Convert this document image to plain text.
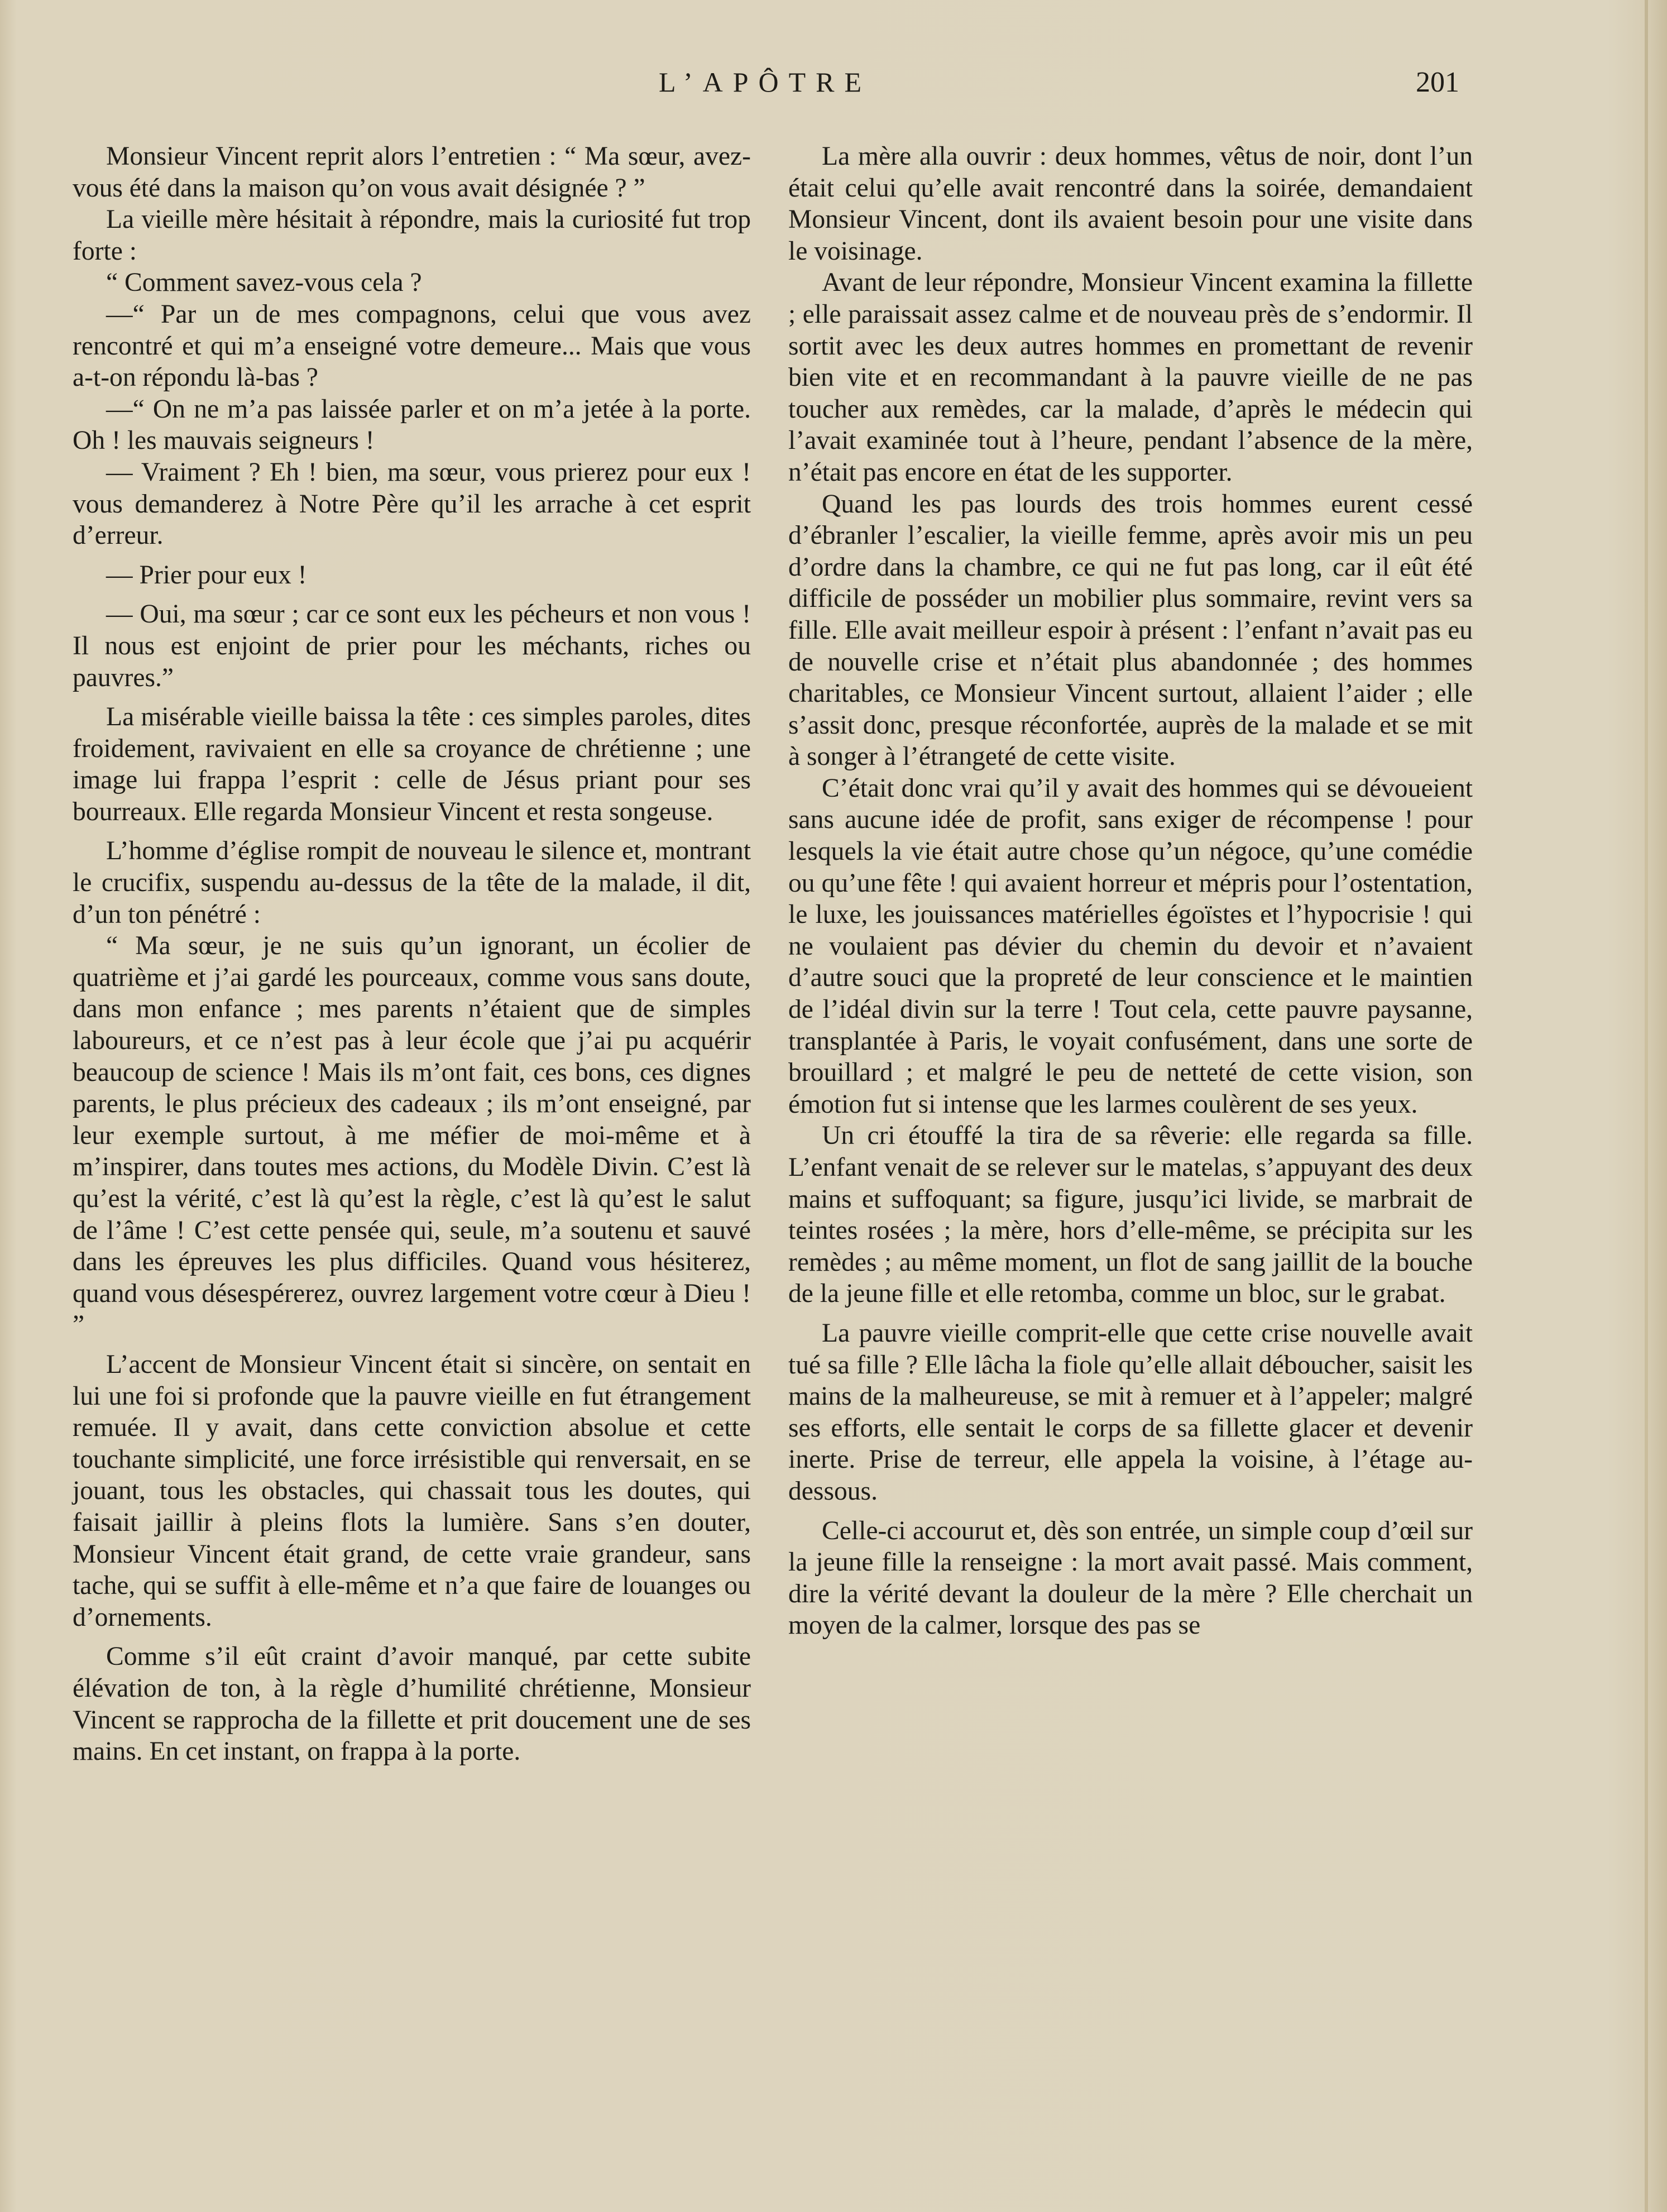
L’APÔTRE	201

Monsieur Vincent reprit alors l’entretien : “ Ma sœur, avez-vous été dans la maison qu’on vous avait désignée ? ”

La vieille mère hésitait à répondre, mais la curiosité fut trop forte :

“ Comment savez-vous cela ?

—“ Par un de mes compagnons, celui que vous avez rencontré et qui m’a enseigné votre demeure... Mais que vous a-t-on répondu là-bas ?

—“ On ne m’a pas laissée parler et on m’a jetée à la porte. Oh ! les mauvais seigneurs !

— Vraiment ? Eh ! bien, ma sœur, vous prierez pour eux ! vous demanderez à Notre Père qu’il les arrache à cet esprit d’erreur.

— Prier pour eux !

— Oui, ma sœur ; car ce sont eux les pécheurs et non vous ! Il nous est enjoint de prier pour les méchants, riches ou pauvres.”

La misérable vieille baissa la tête : ces simples paroles, dites froidement, ravivaient en elle sa croyance de chrétienne ; une image lui frappa l’esprit : celle de Jésus priant pour ses bourreaux. Elle regarda Monsieur Vincent et resta songeuse.

L’homme d’église rompit de nouveau le silence et, montrant le crucifix, suspendu au-dessus de la tête de la malade, il dit, d’un ton pénétré :

“ Ma sœur, je ne suis qu’un ignorant, un écolier de quatrième et j’ai gardé les pourceaux, comme vous sans doute, dans mon enfance ; mes parents n’étaient que de simples laboureurs, et ce n’est pas à leur école que j’ai pu acquérir beaucoup de science ! Mais ils m’ont fait, ces bons, ces dignes parents, le plus précieux des cadeaux ; ils m’ont enseigné, par leur exemple surtout, à me méfier de moi-même et à m’inspirer, dans toutes mes actions, du Modèle Divin. C’est là qu’est la vérité, c’est là qu’est la règle, c’est là qu’est le salut de l’âme ! C’est cette pensée qui, seule, m’a soutenu et sauvé dans les épreuves les plus difficiles. Quand vous hésiterez, quand vous désespérerez, ouvrez largement votre cœur à Dieu ! ”

L’accent de Monsieur Vincent était si sincère, on sentait en lui une foi si profonde que la pauvre vieille en fut étrangement remuée. Il y avait, dans cette conviction absolue et cette touchante simplicité, une force irrésistible qui renversait, en se jouant, tous les obstacles, qui chassait tous les doutes, qui faisait jaillir à pleins flots la lumière. Sans s’en douter, Monsieur Vincent était grand, de cette vraie grandeur, sans tache, qui se suffit à elle-même et n’a que faire de louanges ou d’ornements.

Comme s’il eût craint d’avoir manqué, par cette subite élévation de ton, à la règle d’humilité chrétienne, Monsieur Vincent se rapprocha de la fillette et prit doucement une de ses mains. En cet instant, on frappa à la porte.

La mère alla ouvrir : deux hommes, vêtus de noir, dont l’un était celui qu’elle avait rencontré dans la soirée, demandaient Monsieur Vincent, dont ils avaient besoin pour une visite dans le voisinage.

Avant de leur répondre, Monsieur Vincent examina la fillette ; elle paraissait assez calme et de nouveau près de s’endormir. Il sortit avec les deux autres hommes en promettant de revenir bien vite et en recommandant à la pauvre vieille de ne pas toucher aux remèdes, car la malade, d’après le médecin qui l’avait examinée tout à l’heure, pendant l’absence de la mère, n’était pas encore en état de les supporter.

Quand les pas lourds des trois hommes eurent cessé d’ébranler l’escalier, la vieille femme, après avoir mis un peu d’ordre dans la chambre, ce qui ne fut pas long, car il eût été difficile de posséder un mobilier plus sommaire, revint vers sa fille. Elle avait meilleur espoir à présent : l’enfant n’avait pas eu de nouvelle crise et n’était plus abandonnée ; des hommes charitables, ce Monsieur Vincent surtout, allaient l’aider ; elle s’assit donc, presque réconfortée, auprès de la malade et se mit à songer à l’étrangeté de cette visite.

C’était donc vrai qu’il y avait des hommes qui se dévoueient sans aucune idée de profit, sans exiger de récompense ! pour lesquels la vie était autre chose qu’un négoce, qu’une comédie ou qu’une fête ! qui avaient horreur et mépris pour l’ostentation, le luxe, les jouissances matérielles égoïstes et l’hypocrisie ! qui ne voulaient pas dévier du chemin du devoir et n’avaient d’autre souci que la propreté de leur conscience et le maintien de l’idéal divin sur la terre ! Tout cela, cette pauvre paysanne, transplantée à Paris, le voyait confusément, dans une sorte de brouillard ; et malgré le peu de netteté de cette vision, son émotion fut si intense que les larmes coulèrent de ses yeux.

Un cri étouffé la tira de sa rêverie: elle regarda sa fille. L’enfant venait de se relever sur le matelas, s’appuyant des deux mains et suffoquant; sa figure, jusqu’ici livide, se marbrait de teintes rosées ; la mère, hors d’elle-même, se précipita sur les remèdes ; au même moment, un flot de sang jaillit de la bouche de la jeune fille et elle retomba, comme un bloc, sur le grabat.

La pauvre vieille comprit-elle que cette crise nouvelle avait tué sa fille ? Elle lâcha la fiole qu’elle allait déboucher, saisit les mains de la malheureuse, se mit à remuer et à l’appeler; malgré ses efforts, elle sentait le corps de sa fillette glacer et devenir inerte. Prise de terreur, elle appela la voisine, à l’étage au-dessous.

Celle-ci accourut et, dès son entrée, un simple coup d’œil sur la jeune fille la renseigne : la mort avait passé. Mais comment, dire la vérité devant la douleur de la mère ? Elle cherchait un moyen de la calmer, lorsque des pas se
